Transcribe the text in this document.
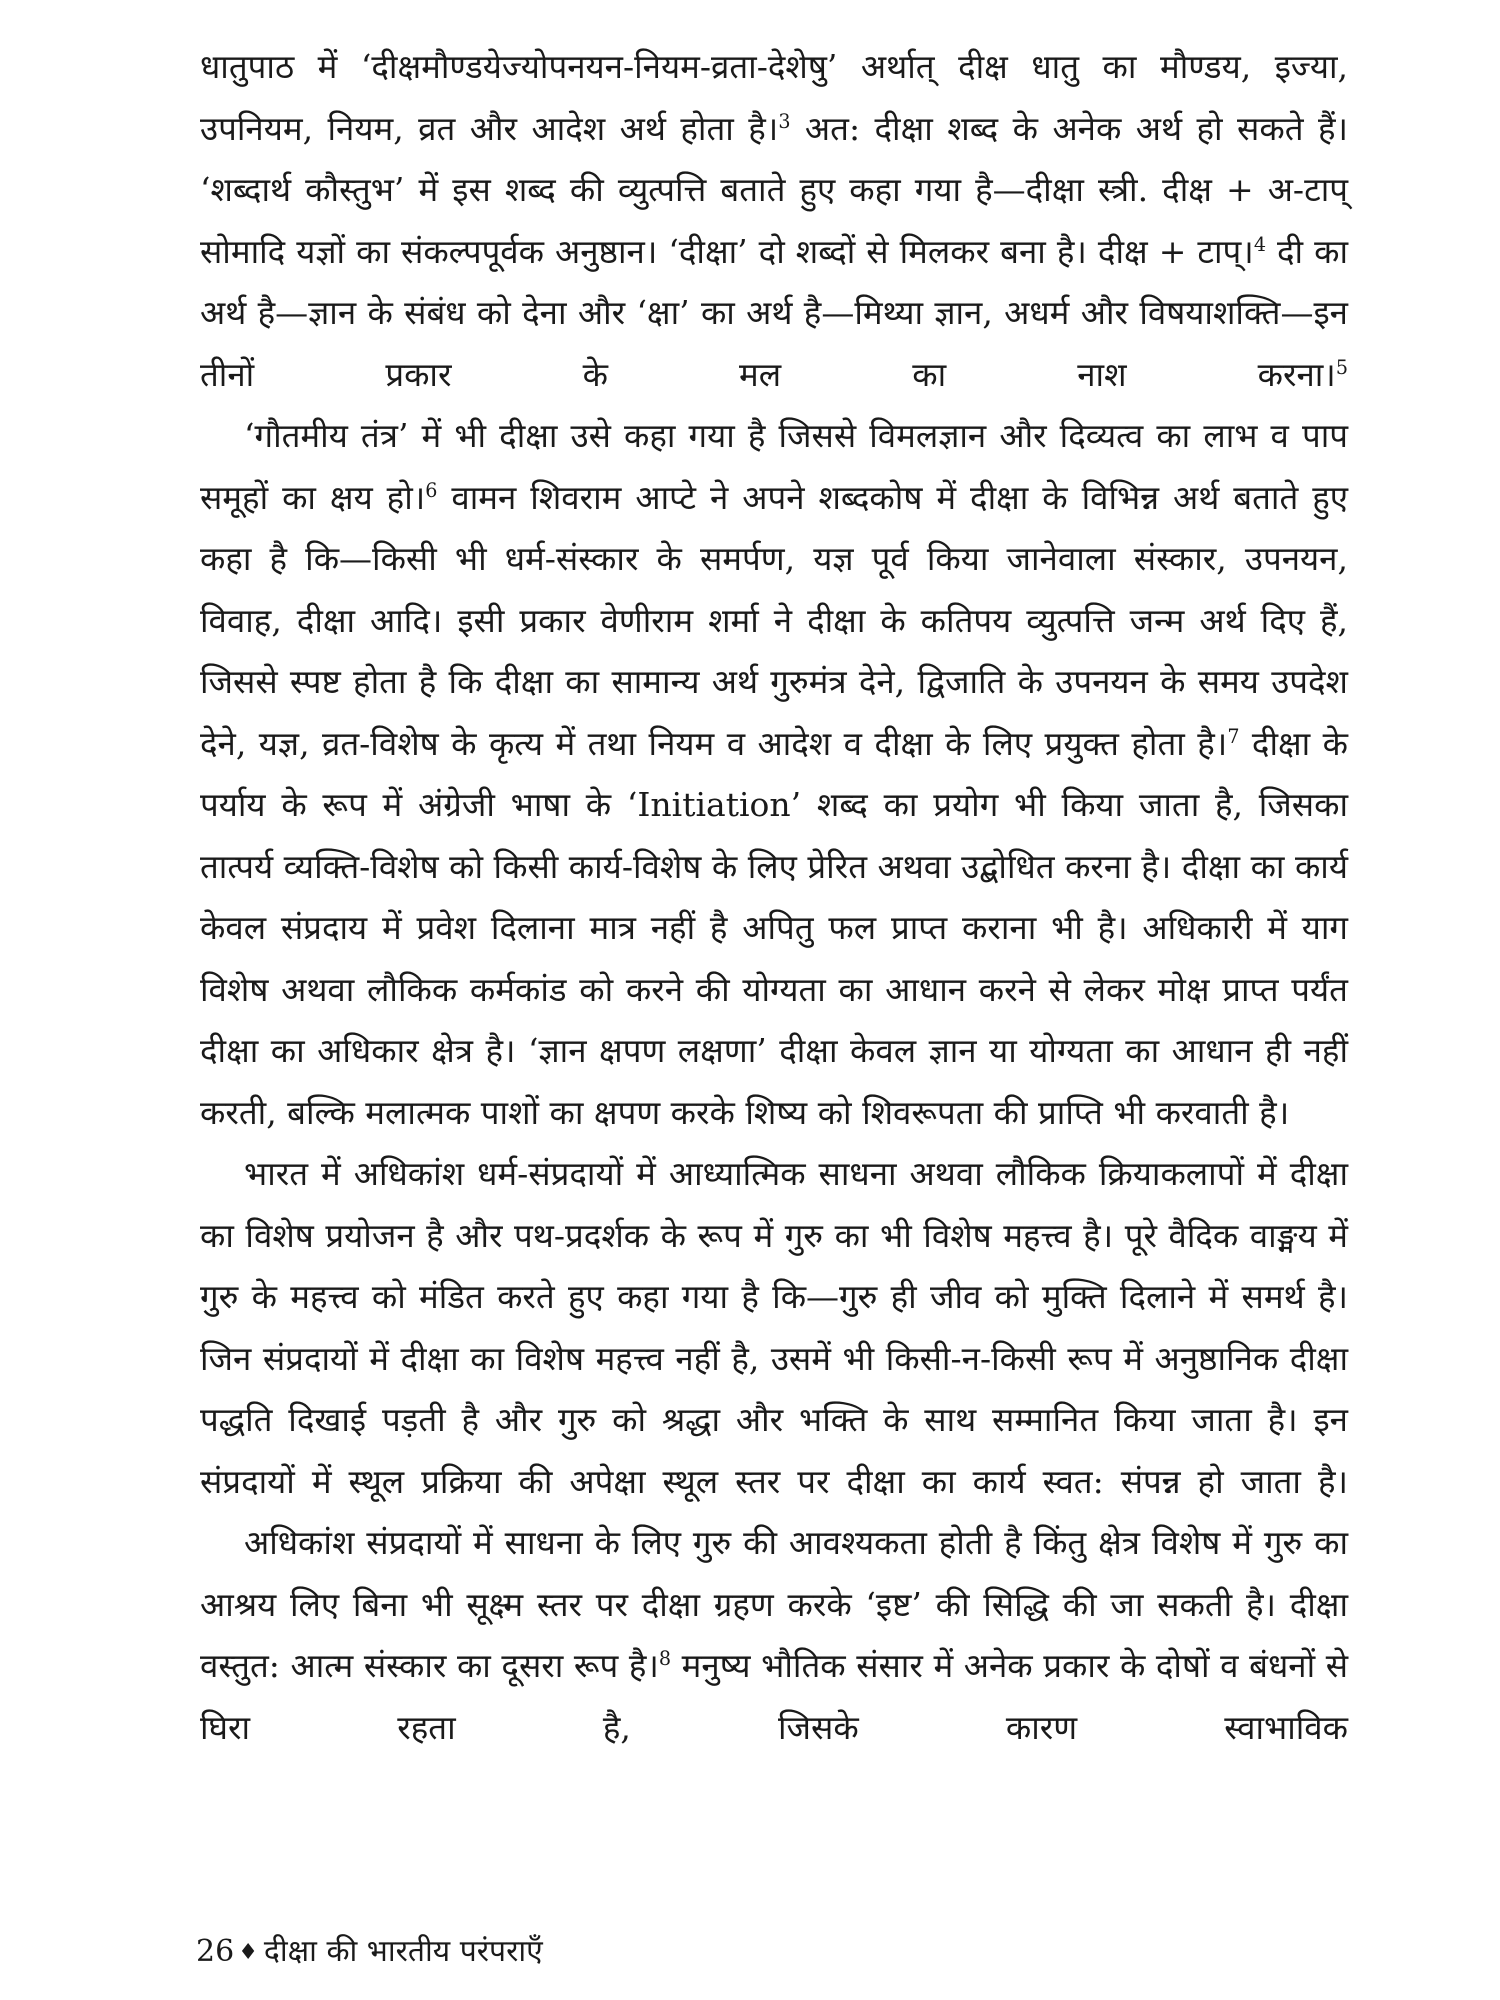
धातुपाठ में ‘दीक्षमौण्डयेज्योपनयन-नियम-व्रता-देशेषु’ अर्थात् दीक्ष धातु का मौण्डय, इज्या, उपनियम, नियम, व्रत और आदेश अर्थ होता है।$^3$ अत: दीक्षा शब्द के अनेक अर्थ हो सकते हैं। ‘शब्दार्थ कौस्तुभ’ में इस शब्द की व्युत्पत्ति बताते हुए कहा गया है—दीक्षा स्त्री. दीक्ष + अ-टाप् सोमादि यज्ञों का संकल्पपूर्वक अनुष्ठान। ‘दीक्षा’ दो शब्दों से मिलकर बना है। दीक्ष + टाप्।$^4$ दी का अर्थ है—ज्ञान के संबंध को देना और ‘क्षा’ का अर्थ है—मिथ्या ज्ञान, अधर्म और विषयाशक्ति—इन तीनों प्रकार के मल का नाश करना।$^5$

‘गौतमीय तंत्र’ में भी दीक्षा उसे कहा गया है जिससे विमलज्ञान और दिव्यत्व का लाभ व पाप समूहों का क्षय हो।$^6$ वामन शिवराम आप्टे ने अपने शब्दकोष में दीक्षा के विभिन्न अर्थ बताते हुए कहा है कि—किसी भी धर्म-संस्कार के समर्पण, यज्ञ पूर्व किया जानेवाला संस्कार, उपनयन, विवाह, दीक्षा आदि। इसी प्रकार वेणीराम शर्मा ने दीक्षा के कतिपय व्युत्पत्ति जन्म अर्थ दिए हैं, जिससे स्पष्ट होता है कि दीक्षा का सामान्य अर्थ गुरुमंत्र देने, द्विजाति के उपनयन के समय उपदेश देने, यज्ञ, व्रत-विशेष के कृत्य में तथा नियम व आदेश व दीक्षा के लिए प्रयुक्त होता है।$^7$ दीक्षा के पर्याय के रूप में अंग्रेजी भाषा के ‘Initiation’ शब्द का प्रयोग भी किया जाता है, जिसका तात्पर्य व्यक्ति-विशेष को किसी कार्य-विशेष के लिए प्रेरित अथवा उद्बोधित करना है। दीक्षा का कार्य केवल संप्रदाय में प्रवेश दिलाना मात्र नहीं है अपितु फल प्राप्त कराना भी है। अधिकारी में याग विशेष अथवा लौकिक कर्मकांड को करने की योग्यता का आधान करने से लेकर मोक्ष प्राप्त पर्यंत दीक्षा का अधिकार क्षेत्र है। ‘ज्ञान क्षपण लक्षणा’ दीक्षा केवल ज्ञान या योग्यता का आधान ही नहीं करती, बल्कि मलात्मक पाशों का क्षपण करके शिष्य को शिवरूपता की प्राप्ति भी करवाती है।

भारत में अधिकांश धर्म-संप्रदायों में आध्यात्मिक साधना अथवा लौकिक क्रियाकलापों में दीक्षा का विशेष प्रयोजन है और पथ-प्रदर्शक के रूप में गुरु का भी विशेष महत्त्व है। पूरे वैदिक वाङ्मय में गुरु के महत्त्व को मंडित करते हुए कहा गया है कि—गुरु ही जीव को मुक्ति दिलाने में समर्थ है। जिन संप्रदायों में दीक्षा का विशेष महत्त्व नहीं है, उसमें भी किसी-न-किसी रूप में अनुष्ठानिक दीक्षा पद्धति दिखाई पड़ती है और गुरु को श्रद्धा और भक्ति के साथ सम्मानित किया जाता है। इन संप्रदायों में स्थूल प्रक्रिया की अपेक्षा स्थूल स्तर पर दीक्षा का कार्य स्वत: संपन्न हो जाता है।

अधिकांश संप्रदायों में साधना के लिए गुरु की आवश्यकता होती है किंतु क्षेत्र विशेष में गुरु का आश्रय लिए बिना भी सूक्ष्म स्तर पर दीक्षा ग्रहण करके ‘इष्ट’ की सिद्धि की जा सकती है। दीक्षा वस्तुत: आत्म संस्कार का दूसरा रूप है।$^8$ मनुष्य भौतिक संसार में अनेक प्रकार के दोषों व बंधनों से घिरा रहता है, जिसके कारण स्वाभाविक

26 ♦ दीक्षा की भारतीय परंपराएँ
